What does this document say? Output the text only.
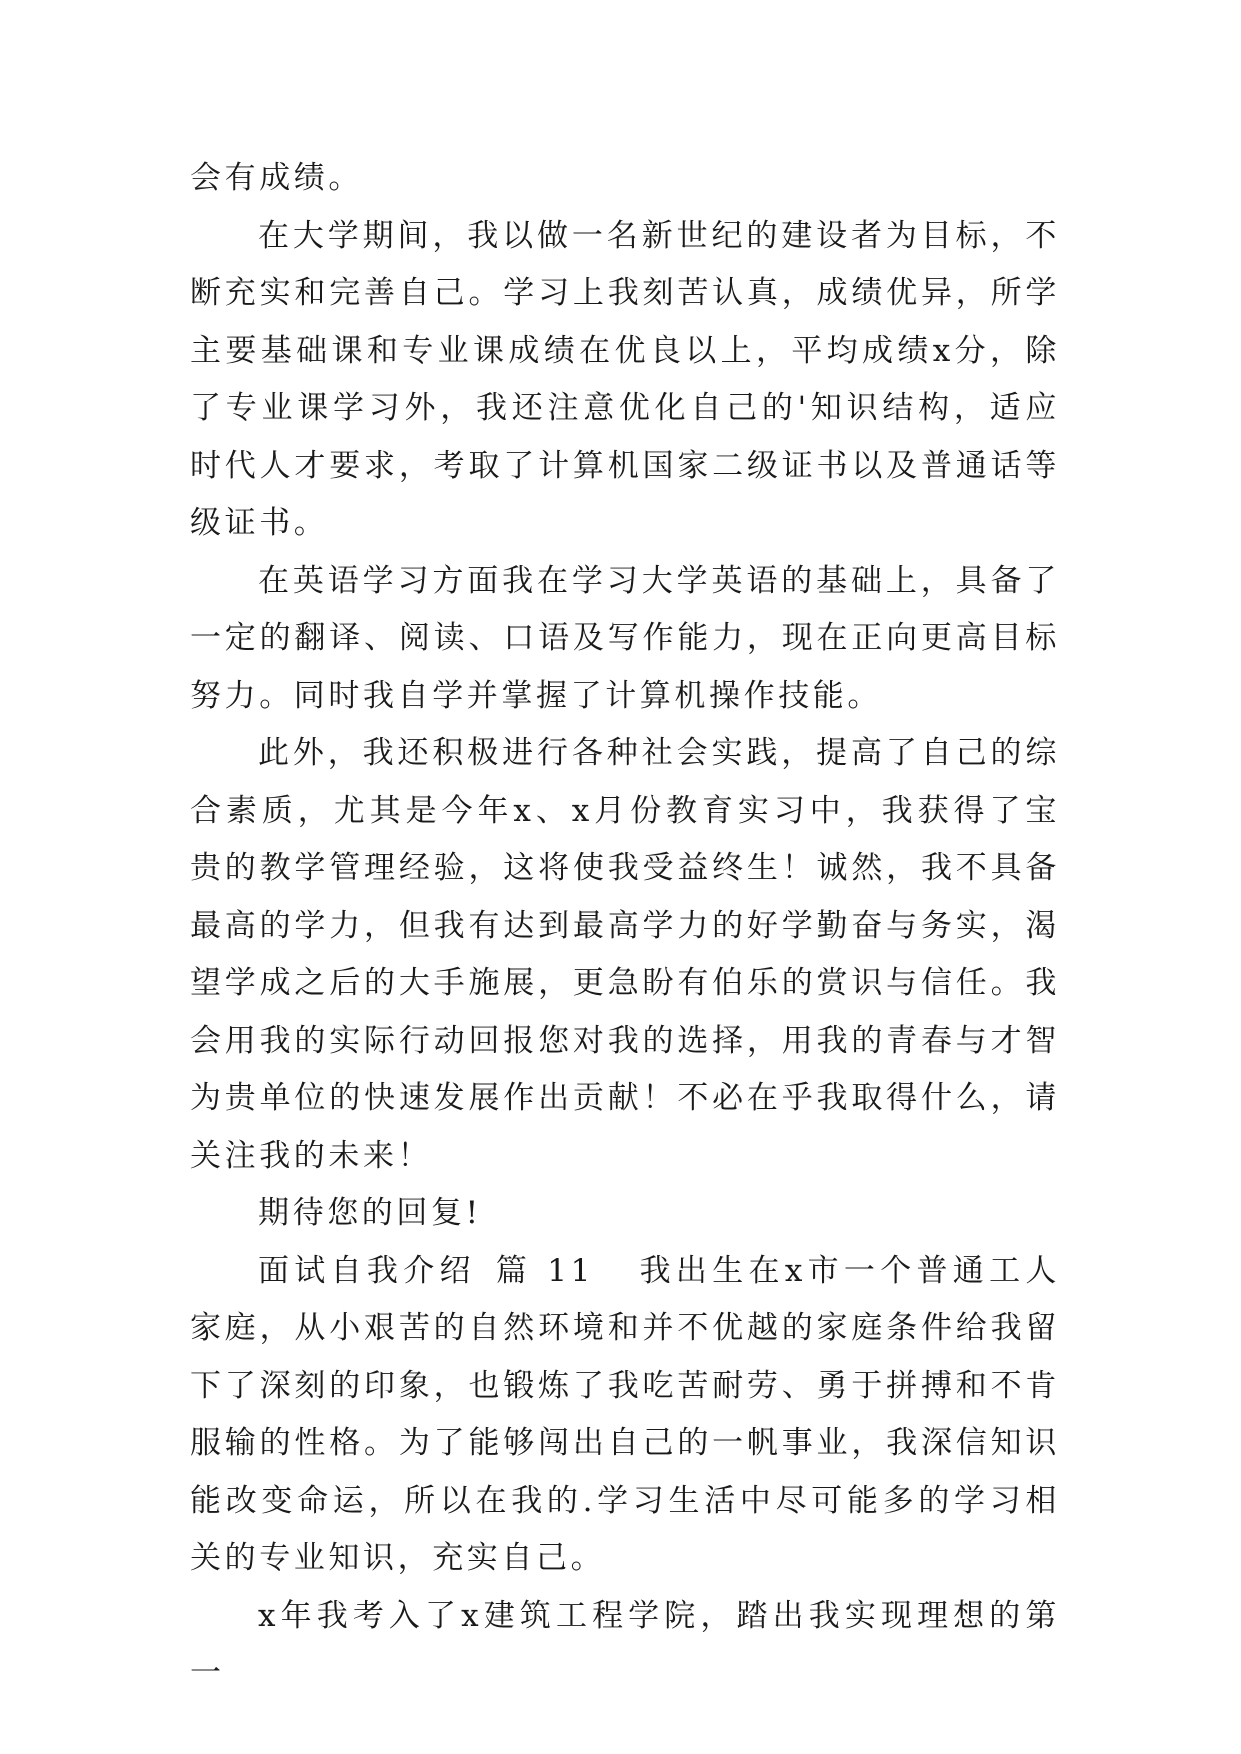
会有成绩。

在大学期间，我以做一名新世纪的建设者为目标，不断充实和完善自己。学习上我刻苦认真，成绩优异，所学主要基础课和专业课成绩在优良以上，平均成绩x分，除了专业课学习外，我还注意优化自己的'知识结构，适应时代人才要求，考取了计算机国家二级证书以及普通话等级证书。

在英语学习方面我在学习大学英语的基础上，具备了一定的翻译、阅读、口语及写作能力，现在正向更高目标努力。同时我自学并掌握了计算机操作技能。

此外，我还积极进行各种社会实践，提高了自己的综合素质，尤其是今年x、x月份教育实习中，我获得了宝贵的教学管理经验，这将使我受益终生！诚然，我不具备最高的学力，但我有达到最高学力的好学勤奋与务实，渴望学成之后的大手施展，更急盼有伯乐的赏识与信任。我会用我的实际行动回报您对我的选择，用我的青春与才智为贵单位的快速发展作出贡献！不必在乎我取得什么，请关注我的未来！

期待您的回复!

面试自我介绍 篇 11 我出生在x市一个普通工人家庭，从小艰苦的自然环境和并不优越的家庭条件给我留下了深刻的印象，也锻炼了我吃苦耐劳、勇于拼搏和不肯服输的性格。为了能够闯出自己的一帆事业，我深信知识能改变命运，所以在我的.学习生活中尽可能多的学习相关的专业知识，充实自己。

x年我考入了x建筑工程学院，踏出我实现理想的第一
